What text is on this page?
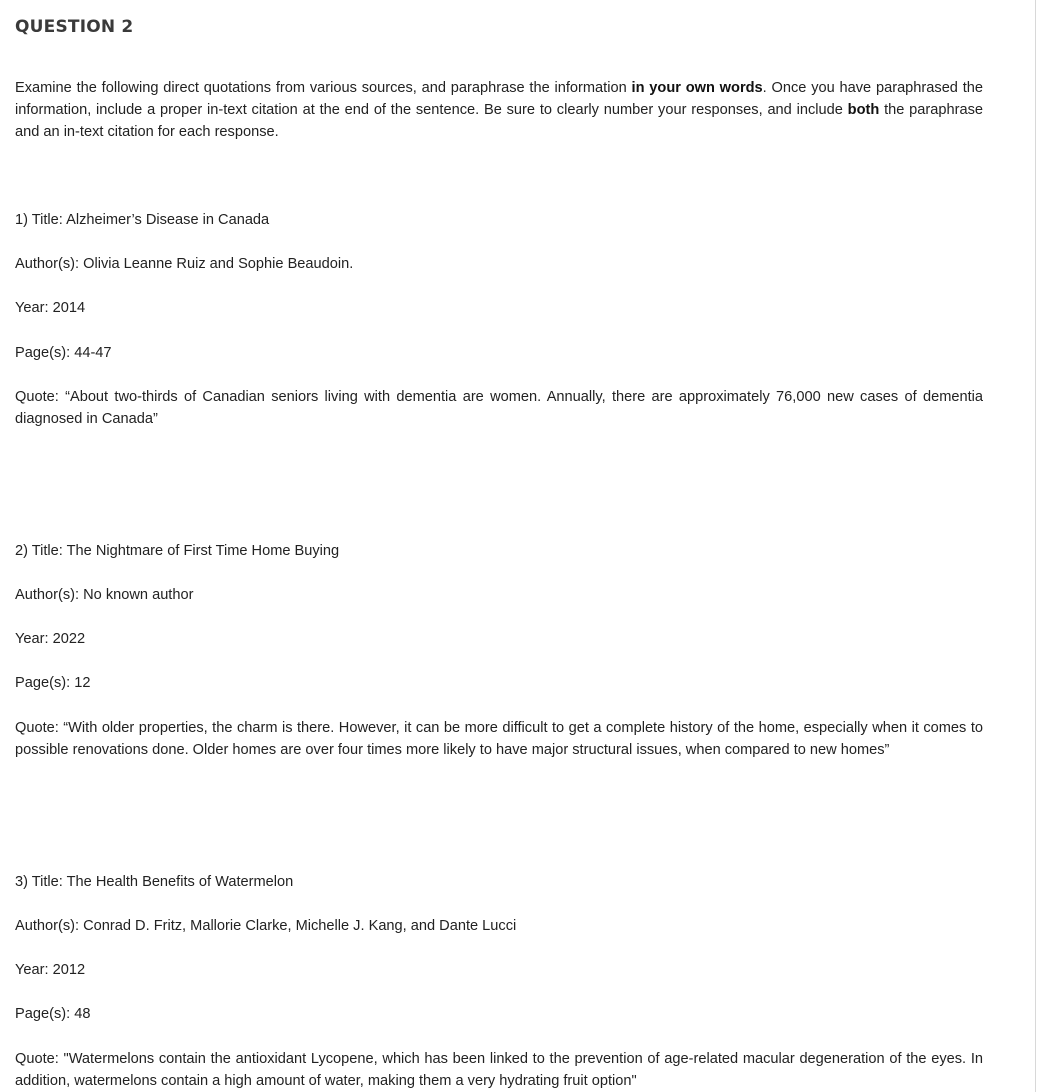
QUESTION 2

Examine the following direct quotations from various sources, and paraphrase the information in your own words. Once you have paraphrased the information, include a proper in-text citation at the end of the sentence. Be sure to clearly number your responses, and include both the paraphrase and an in-text citation for each response.

1) Title: Alzheimer’s Disease in Canada

Author(s): Olivia Leanne Ruiz and Sophie Beaudoin.

Year: 2014

Page(s): 44-47

Quote: “About two-thirds of Canadian seniors living with dementia are women. Annually, there are approximately 76,000 new cases of dementia diagnosed in Canada”

2) Title: The Nightmare of First Time Home Buying

Author(s): No known author

Year: 2022

Page(s): 12

Quote: “With older properties, the charm is there. However, it can be more difficult to get a complete history of the home, especially when it comes to possible renovations done. Older homes are over four times more likely to have major structural issues, when compared to new homes”

3) Title: The Health Benefits of Watermelon

Author(s): Conrad D. Fritz, Mallorie Clarke, Michelle J. Kang, and Dante Lucci

Year: 2012

Page(s): 48

Quote: "Watermelons contain the antioxidant Lycopene, which has been linked to the prevention of age-related macular degeneration of the eyes. In addition, watermelons contain a high amount of water, making them a very hydrating fruit option"
